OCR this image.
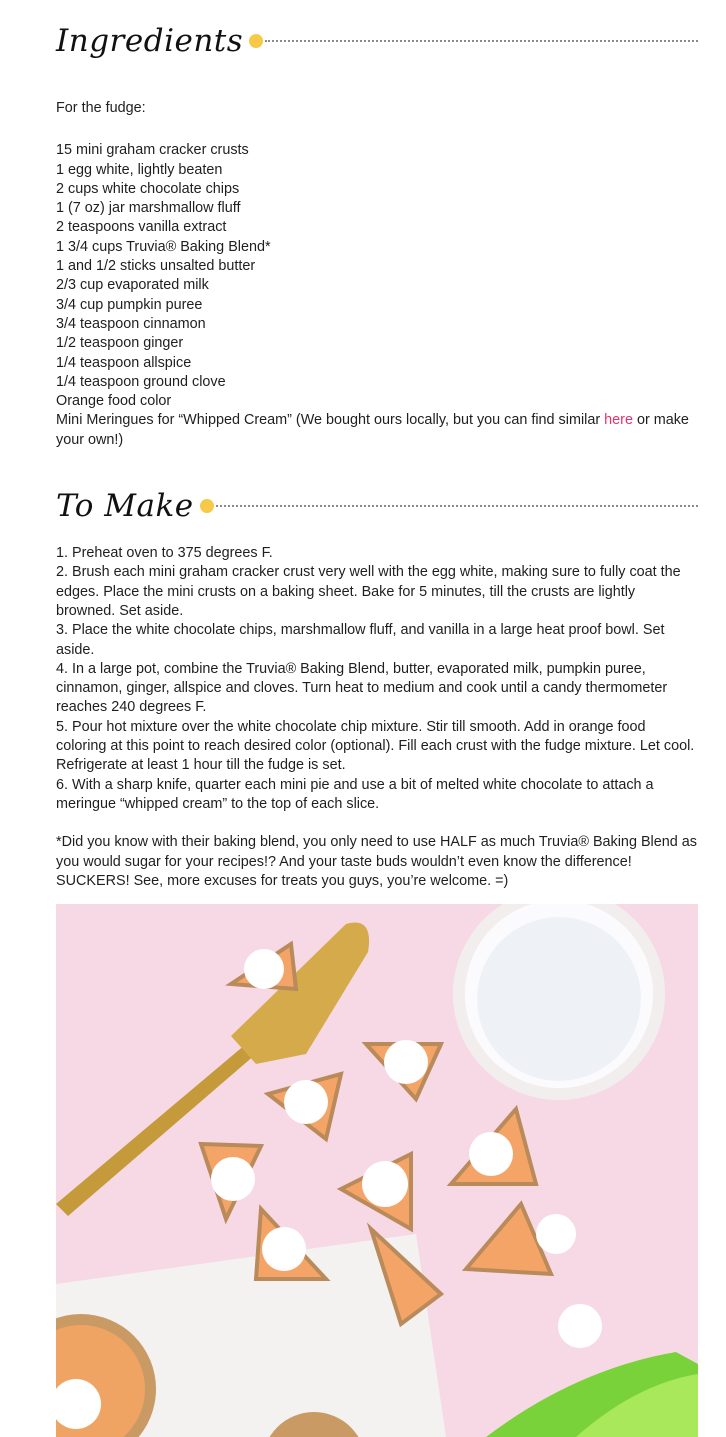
Ingredients

For the fudge:

15 mini graham cracker crusts

1 egg white, lightly beaten

2 cups white chocolate chips

1 (7 oz) jar marshmallow fluff

2 teaspoons vanilla extract

1 3/4 cups Truvia® Baking Blend*

1 and 1/2 sticks unsalted butter

2/3 cup evaporated milk

3/4 cup pumpkin puree

3/4 teaspoon cinnamon

1/2 teaspoon ginger

1/4 teaspoon allspice

1/4 teaspoon ground clove

Orange food color

Mini Meringues for “Whipped Cream” (We bought ours locally, but you can find similar here or make your own!)

To Make

1. Preheat oven to 375 degrees F.

2. Brush each mini graham cracker crust very well with the egg white, making sure to fully coat the edges. Place the mini crusts on a baking sheet. Bake for 5 minutes, till the crusts are lightly browned. Set aside.

3. Place the white chocolate chips, marshmallow fluff, and vanilla in a large heat proof bowl. Set aside.

4. In a large pot, combine the Truvia® Baking Blend, butter, evaporated milk, pumpkin puree, cinnamon, ginger, allspice and cloves. Turn heat to medium and cook until a candy thermometer reaches 240 degrees F.

5. Pour hot mixture over the white chocolate chip mixture. Stir till smooth. Add in orange food coloring at this point to reach desired color (optional). Fill each crust with the fudge mixture. Let cool. Refrigerate at least 1 hour till the fudge is set.

6. With a sharp knife, quarter each mini pie and use a bit of melted white chocolate to attach a meringue “whipped cream” to the top of each slice.

*Did you know with their baking blend, you only need to use HALF as much Truvia® Baking Blend as you would sugar for your recipes!? And your taste buds wouldn’t even know the difference! SUCKERS! See, more excuses for treats you guys, you’re welcome. =)
